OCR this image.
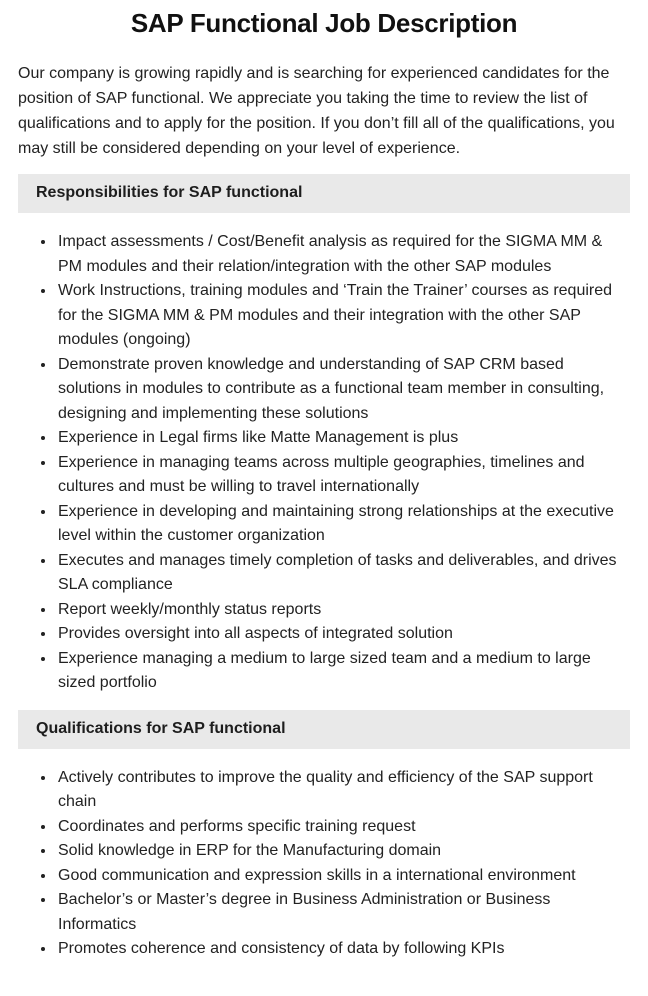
SAP Functional Job Description

Our company is growing rapidly and is searching for experienced candidates for the position of SAP functional. We appreciate you taking the time to review the list of qualifications and to apply for the position. If you don’t fill all of the qualifications, you may still be considered depending on your level of experience.

Responsibilities for SAP functional
• Impact assessments / Cost/Benefit analysis as required for the SIGMA MM & PM modules and their relation/integration with the other SAP modules
• Work Instructions, training modules and ‘Train the Trainer’ courses as required for the SIGMA MM & PM modules and their integration with the other SAP modules (ongoing)
• Demonstrate proven knowledge and understanding of SAP CRM based solutions in modules to contribute as a functional team member in consulting, designing and implementing these solutions
• Experience in Legal firms like Matte Management is plus
• Experience in managing teams across multiple geographies, timelines and cultures and must be willing to travel internationally
• Experience in developing and maintaining strong relationships at the executive level within the customer organization
• Executes and manages timely completion of tasks and deliverables, and drives SLA compliance
• Report weekly/monthly status reports
• Provides oversight into all aspects of integrated solution
• Experience managing a medium to large sized team and a medium to large sized portfolio
Qualifications for SAP functional
• Actively contributes to improve the quality and efficiency of the SAP support chain
• Coordinates and performs specific training request
• Solid knowledge in ERP for the Manufacturing domain
• Good communication and expression skills in a international environment
• Bachelor’s or Master’s degree in Business Administration or Business Informatics
• Promotes coherence and consistency of data by following KPIs
